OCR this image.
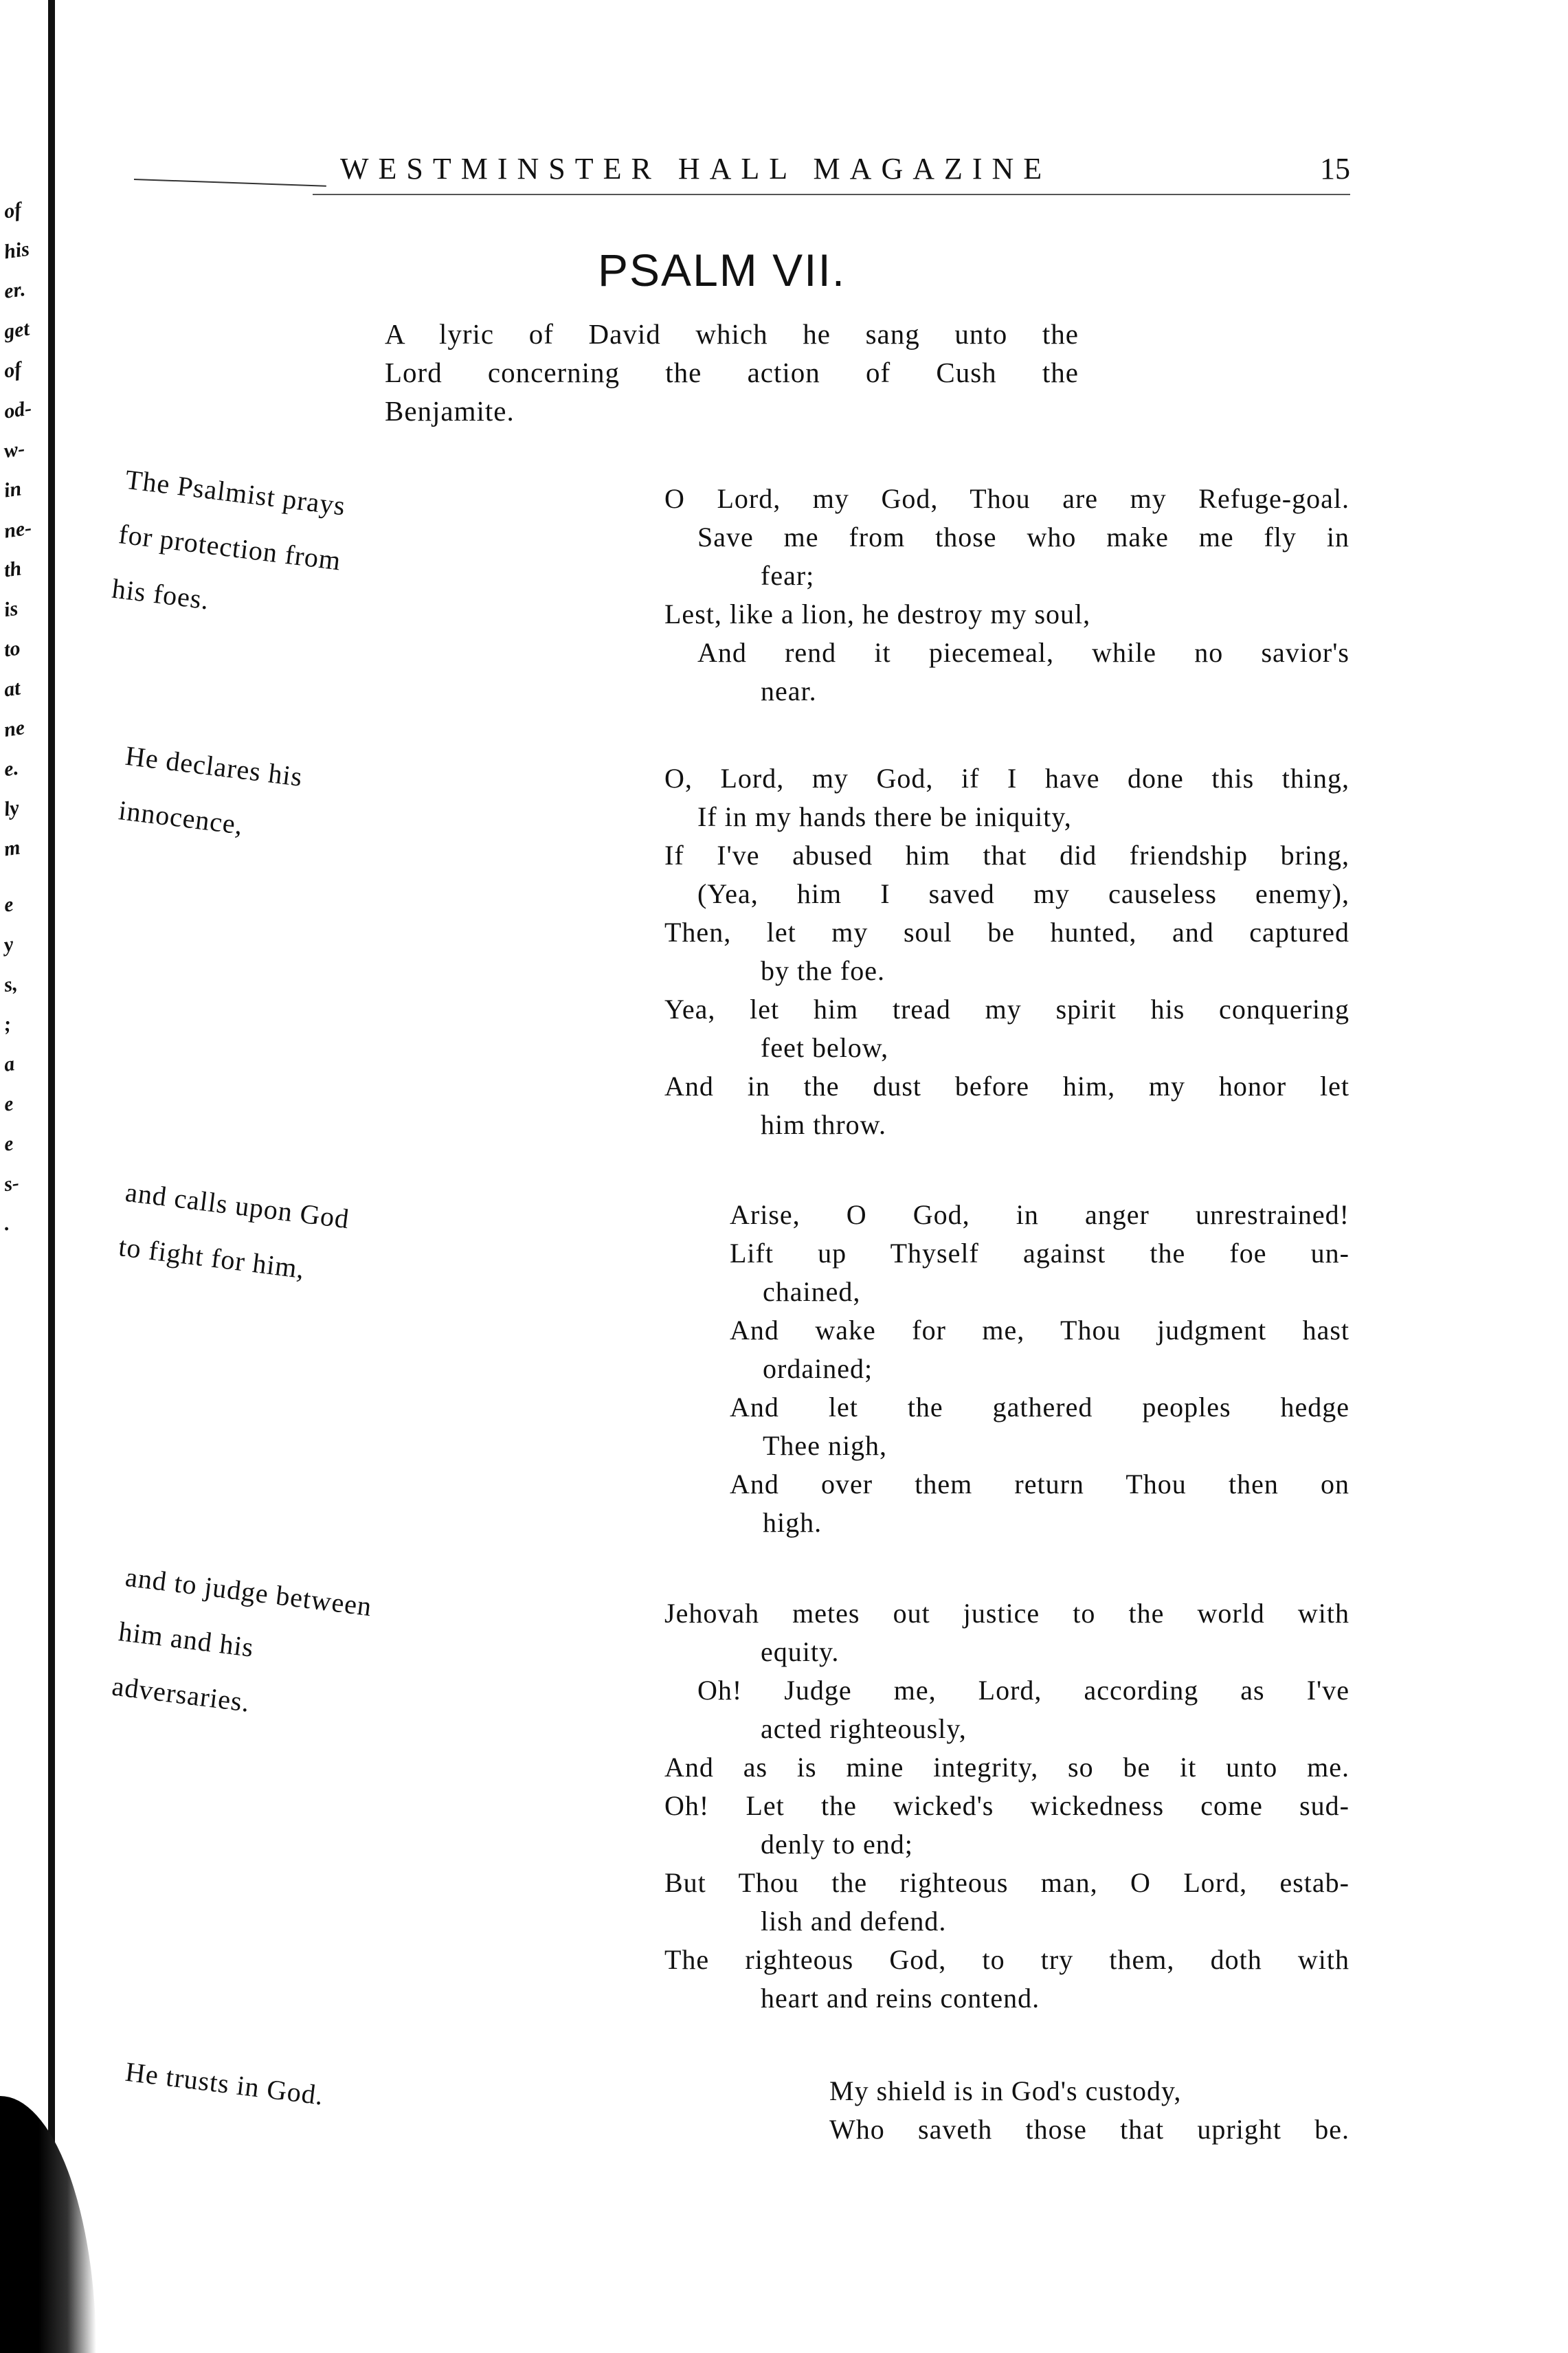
of
his
er.
get
of
od-
w-
in
ne-
th
is
to
at
ne
e.
ly
m
e
y
s,
;
a
e
e
s-
.
WESTMINSTER HALL MAGAZINE	15
PSALM VII.
A lyric of David which he sang unto the
Lord concerning the action of Cush the
Benjamite.

The Psalmist prays

for protection from

his foes.

He declares his

innocence,

and calls upon God

to fight for him,

and to judge between

him and his

adversaries.

He trusts in God.

O Lord, my God, Thou are my Refuge-goal.
Save me from those who make me fly in
fear;
Lest, like a lion, he destroy my soul,
And rend it piecemeal, while no savior's
near.
O, Lord, my God, if I have done this thing,
If in my hands there be iniquity,
If I've abused him that did friendship bring,
(Yea, him I saved my causeless enemy),
Then, let my soul be hunted, and captured
by the foe.
Yea, let him tread my spirit his conquering
feet below,
And in the dust before him, my honor let
him throw.
Arise, O God, in anger unrestrained!
Lift up Thyself against the foe un-
chained,
And wake for me, Thou judgment hast
ordained;
And let the gathered peoples hedge
Thee nigh,
And over them return Thou then on
high.
Jehovah metes out justice to the world with
equity.
Oh! Judge me, Lord, according as I've
acted righteously,
And as is mine integrity, so be it unto me.
Oh! Let the wicked's wickedness come sud-
denly to end;
But Thou the righteous man, O Lord, estab-
lish and defend.
The righteous God, to try them, doth with
heart and reins contend.
My shield is in God's custody,
Who saveth those that upright be.
